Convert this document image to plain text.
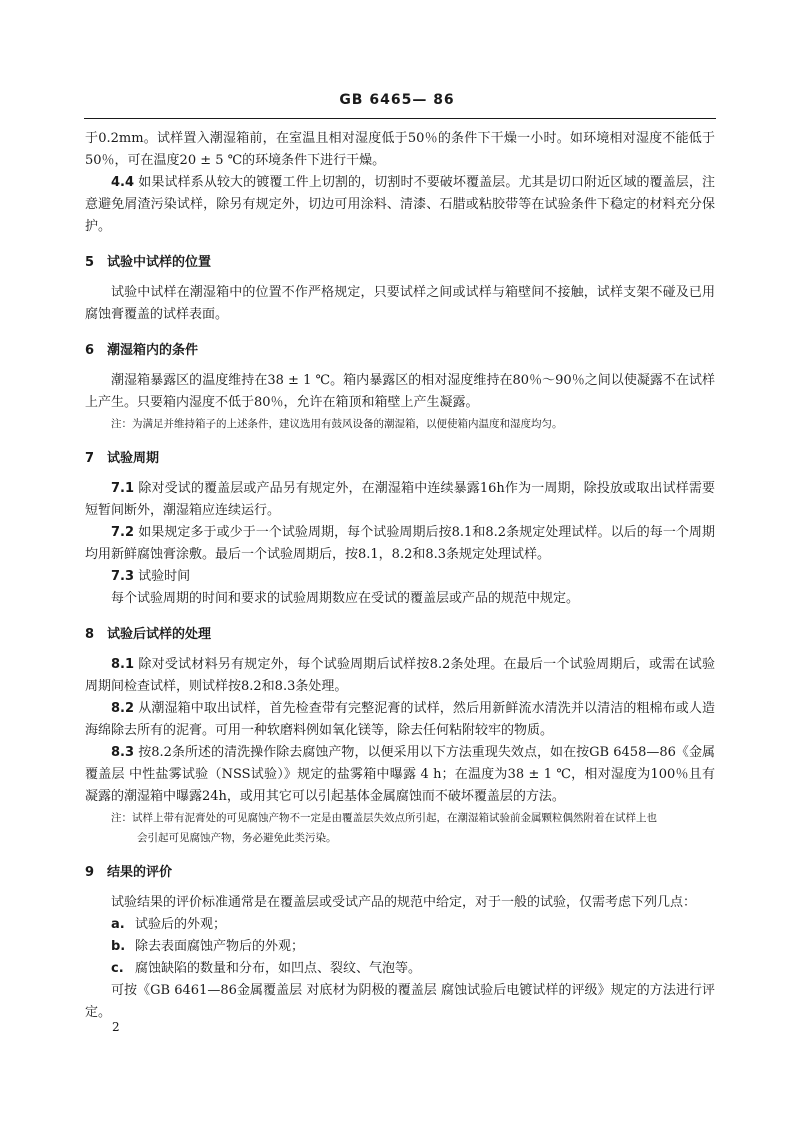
GB 6465— 86

于0.2mm。试样置入潮湿箱前，在室温且相对湿度低于50％的条件下干燥一小时。如环境相对湿度不能低于50％，可在温度20 ± 5 ℃的环境条件下进行干燥。

4.4 如果试样系从较大的镀覆工件上切割的，切割时不要破坏覆盖层。尤其是切口附近区域的覆盖层，注意避免屑渣污染试样，除另有规定外，切边可用涂料、清漆、石腊或粘胶带等在试验条件下稳定的材料充分保护。

5 试验中试样的位置

试验中试样在潮湿箱中的位置不作严格规定，只要试样之间或试样与箱壁间不接触，试样支架不碰及已用腐蚀膏覆盖的试样表面。

6 潮湿箱内的条件

潮湿箱暴露区的温度维持在38 ± 1 ℃。箱内暴露区的相对湿度维持在80％～90％之间以使凝露不在试样上产生。只要箱内湿度不低于80％，允许在箱顶和箱壁上产生凝露。

注：为满足并维持箱子的上述条件，建议选用有鼓风设备的潮湿箱，以便使箱内温度和湿度均匀。

7 试验周期

7.1 除对受试的覆盖层或产品另有规定外，在潮湿箱中连续暴露16h作为一周期，除投放或取出试样需要短暂间断外，潮湿箱应连续运行。

7.2 如果规定多于或少于一个试验周期，每个试验周期后按8.1和8.2条规定处理试样。以后的每一个周期均用新鲜腐蚀膏涂敷。最后一个试验周期后，按8.1，8.2和8.3条规定处理试样。

7.3 试验时间

每个试验周期的时间和要求的试验周期数应在受试的覆盖层或产品的规范中规定。

8 试验后试样的处理

8.1 除对受试材料另有规定外，每个试验周期后试样按8.2条处理。在最后一个试验周期后，或需在试验周期间检查试样，则试样按8.2和8.3条处理。

8.2 从潮湿箱中取出试样，首先检查带有完整泥膏的试样，然后用新鲜流水清洗并以清洁的粗棉布或人造海绵除去所有的泥膏。可用一种软磨料例如氧化镁等，除去任何粘附较牢的物质。

8.3 按8.2条所述的清洗操作除去腐蚀产物，以便采用以下方法重现失效点，如在按GB 6458—86《金属覆盖层 中性盐雾试验（NSS试验）》规定的盐雾箱中曝露 4 h；在温度为38 ± 1 ℃，相对湿度为100％且有凝露的潮湿箱中曝露24h，或用其它可以引起基体金属腐蚀而不破坏覆盖层的方法。

注：试样上带有泥膏处的可见腐蚀产物不一定是由覆盖层失效点所引起，在潮湿箱试验前金属颗粒偶然附着在试样上也

会引起可见腐蚀产物，务必避免此类污染。

9 结果的评价

试验结果的评价标准通常是在覆盖层或受试产品的规范中给定，对于一般的试验，仅需考虑下列几点：

a. 试验后的外观；
b. 除去表面腐蚀产物后的外观；
c. 腐蚀缺陷的数量和分布，如凹点、裂纹、气泡等。

可按《GB 6461—86金属覆盖层 对底材为阴极的覆盖层 腐蚀试验后电镀试样的评级》规定的方法进行评定。

2
